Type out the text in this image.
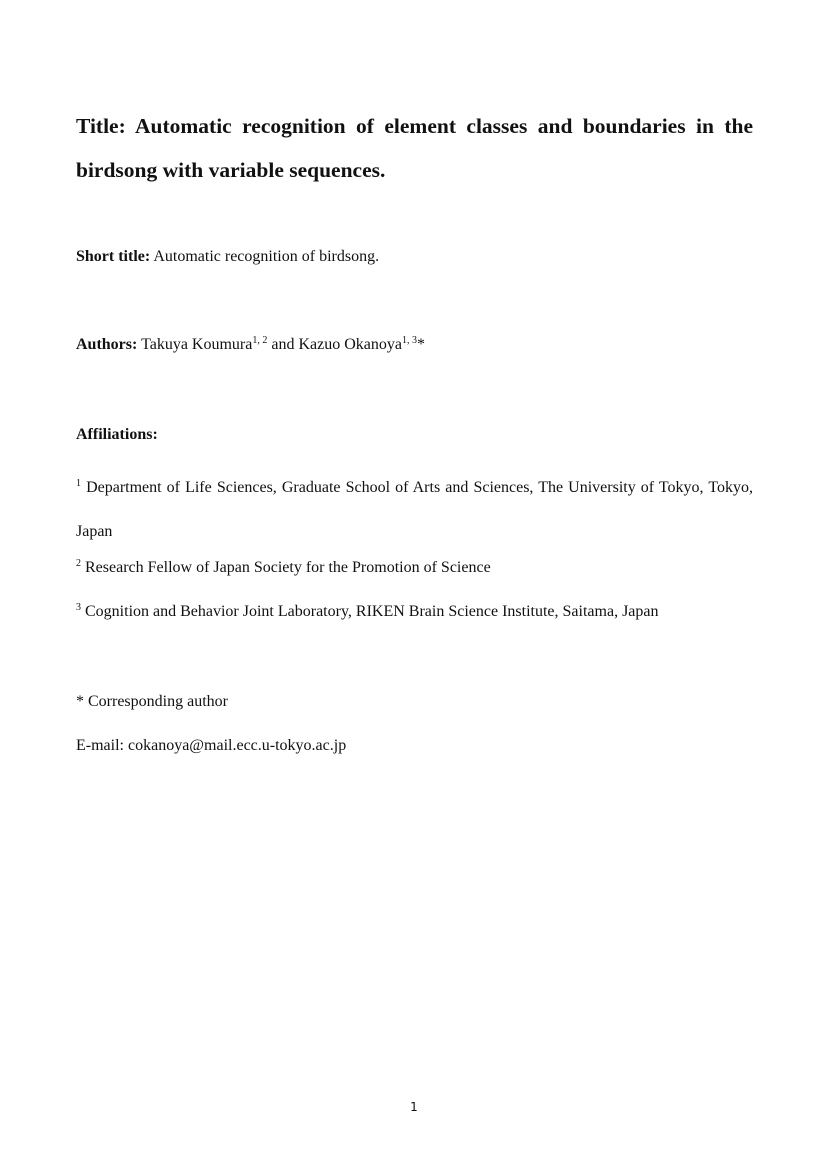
Title: Automatic recognition of element classes and boundaries in the birdsong with variable sequences.

Short title: Automatic recognition of birdsong.
Authors: Takuya Koumura$^{1, 2}$ and Kazuo Okanoya$^{1, 3}$*
Affiliations:

$^1$ Department of Life Sciences, Graduate School of Arts and Sciences, The University of Tokyo, Tokyo, Japan

$^2$ Research Fellow of Japan Society for the Promotion of Science
$^3$ Cognition and Behavior Joint Laboratory, RIKEN Brain Science Institute, Saitama, Japan
* Corresponding author
E-mail: cokanoya@mail.ecc.u-tokyo.ac.jp
1
